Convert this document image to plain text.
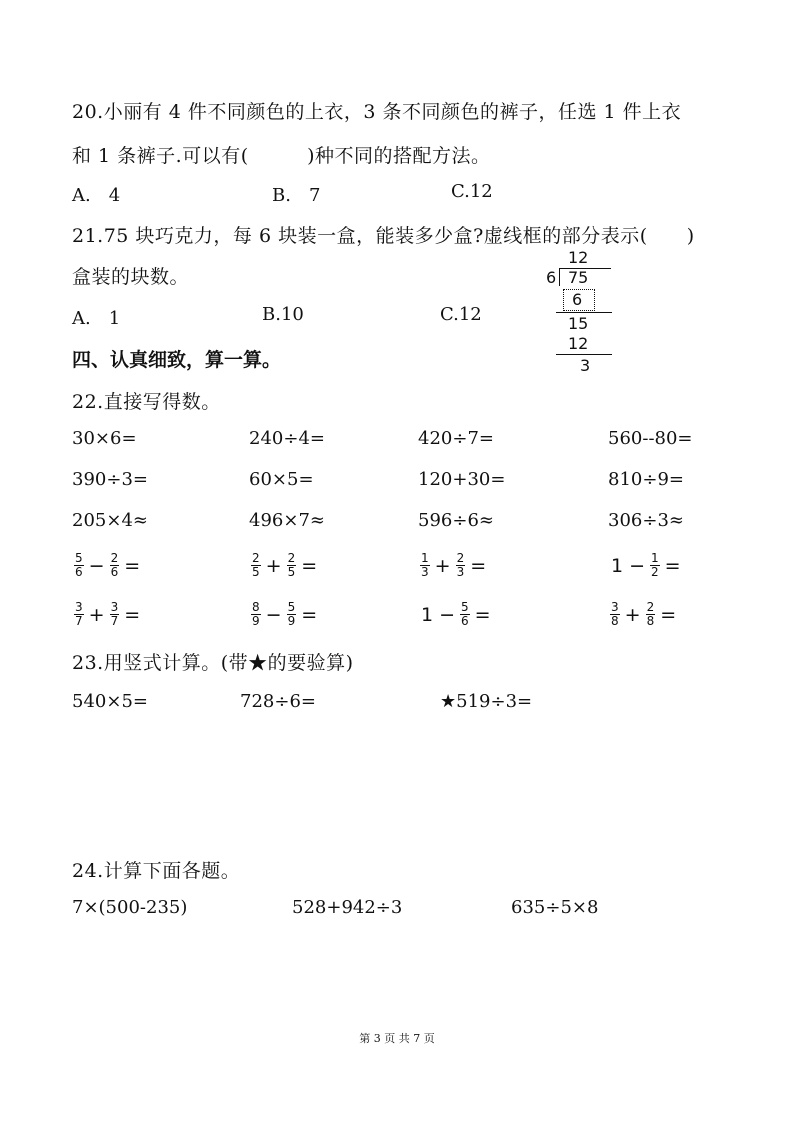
20.小丽有 4 件不同颜色的上衣，3 条不同颜色的裤子，任选 1 件上衣
和 1 条裤子.可以有(　　　)种不同的搭配方法。
A.　4	B.　7	C.12
21.75 块巧克力，每 6 块装一盒，能装多少盒?虚线框的部分表示(　　)
盒装的块数。
A.　1	B.10	C.12
12
6 75
6
15
12
3
四、认真细致，算一算。
22.直接写得数。
30×6=	240÷4=	420÷7=	560--80=
390÷3=	60×5=	120+30=	810÷9=
205×4≈	496×7≈	596÷6≈	306÷3≈
$\frac{5}{6} - \frac{2}{6}$ =	$\frac{2}{5} + \frac{2}{5}$ =	$\frac{1}{3} + \frac{2}{3}$ =	$1 - \frac{1}{2}$ =
$\frac{3}{7} + \frac{3}{7}$ =	$\frac{8}{9} - \frac{5}{9}$ =	$1 - \frac{5}{6}$ =	$\frac{3}{8} + \frac{2}{8}$ =
23.用竖式计算。(带★的要验算)
540×5=	728÷6=	★519÷3=
24.计算下面各题。
7×(500-235)	528+942÷3	635÷5×8
第 3 页 共 7 页
